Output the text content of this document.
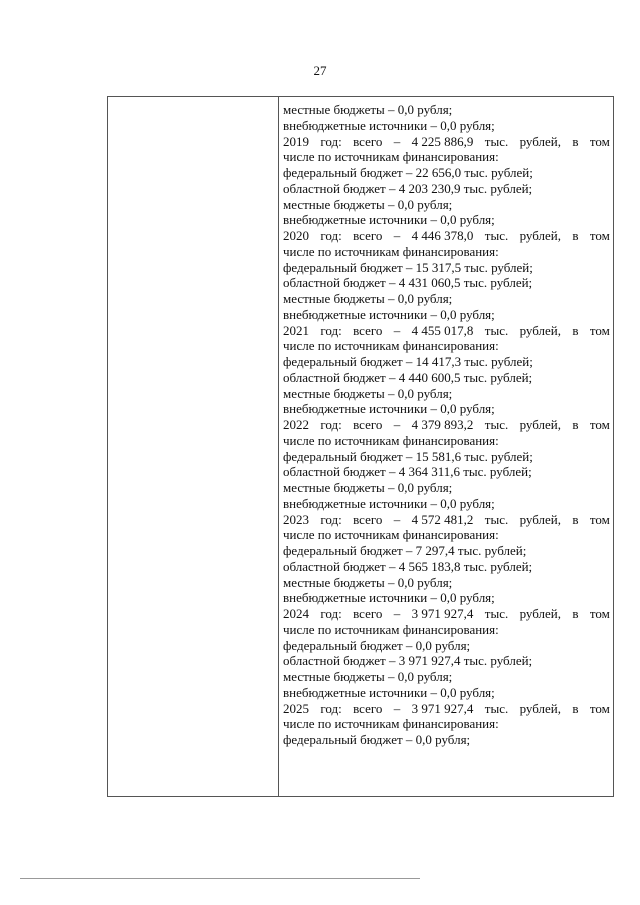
27
местные бюджеты – 0,0 рубля;
внебюджетные источники – 0,0 рубля;
2019 год: всего – 4 225 886,9 тыс. рублей, в том
числе по источникам финансирования:
федеральный бюджет – 22 656,0 тыс. рублей;
областной бюджет – 4 203 230,9 тыс. рублей;
местные бюджеты – 0,0 рубля;
внебюджетные источники – 0,0 рубля;
2020 год: всего – 4 446 378,0 тыс. рублей, в том
числе по источникам финансирования:
федеральный бюджет – 15 317,5 тыс. рублей;
областной бюджет – 4 431 060,5 тыс. рублей;
местные бюджеты – 0,0 рубля;
внебюджетные источники – 0,0 рубля;
2021 год: всего – 4 455 017,8 тыс. рублей, в том
числе по источникам финансирования:
федеральный бюджет – 14 417,3 тыс. рублей;
областной бюджет – 4 440 600,5 тыс. рублей;
местные бюджеты – 0,0 рубля;
внебюджетные источники – 0,0 рубля;
2022 год: всего – 4 379 893,2 тыс. рублей, в том
числе по источникам финансирования:
федеральный бюджет – 15 581,6 тыс. рублей;
областной бюджет – 4 364 311,6 тыс. рублей;
местные бюджеты – 0,0 рубля;
внебюджетные источники – 0,0 рубля;
2023 год: всего – 4 572 481,2 тыс. рублей, в том
числе по источникам финансирования:
федеральный бюджет – 7 297,4 тыс. рублей;
областной бюджет – 4 565 183,8 тыс. рублей;
местные бюджеты – 0,0 рубля;
внебюджетные источники – 0,0 рубля;
2024 год: всего – 3 971 927,4 тыс. рублей, в том
числе по источникам финансирования:
федеральный бюджет – 0,0 рубля;
областной бюджет – 3 971 927,4 тыс. рублей;
местные бюджеты – 0,0 рубля;
внебюджетные источники – 0,0 рубля;
2025 год: всего – 3 971 927,4 тыс. рублей, в том
числе по источникам финансирования:
федеральный бюджет – 0,0 рубля;
